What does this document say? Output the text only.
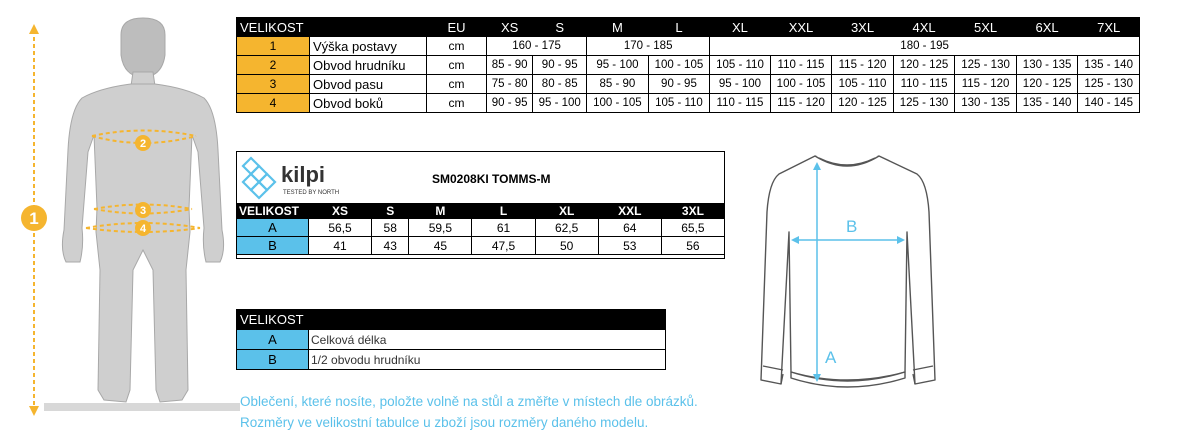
1
2
3
4
VELIKOST		EU	XS	S	M	L	XL	XXL	3XL	4XL	5XL	6XL	7XL
1	Výška postavy	cm	160 - 175		170 - 185		180 - 195						
2	Obvod hrudníku	cm	85 - 90	90 - 95	95 - 100	100 - 105	105 - 110	110 - 115	115 - 120	120 - 125	125 - 130	130 - 135	135 - 140
3	Obvod pasu	cm	75 - 80	80 - 85	85 - 90	90 - 95	95 - 100	100 - 105	105 - 110	110 - 115	115 - 120	120 - 125	125 - 130
4	Obvod boků	cm	90 - 95	95 - 100	100 - 105	105 - 110	110 - 115	115 - 120	120 - 125	125 - 130	130 - 135	135 - 140	140 - 145
kilpi
TESTED BY NORTH
SM0208KI TOMMS-M
VELIKOST	XS	S	M	L	XL	XXL	3XL
A	56,5	58	59,5	61	62,5	64	65,5
B	41	43	45	47,5	50	53	56
VELIKOST	
A	Celková délka
B	1/2 obvodu hrudníku
Oblečení, které nosíte, položte volně na stůl a změřte v místech dle obrázků.
Rozměry ve velikostní tabulce u zboží jsou rozměry daného modelu.
B
A
